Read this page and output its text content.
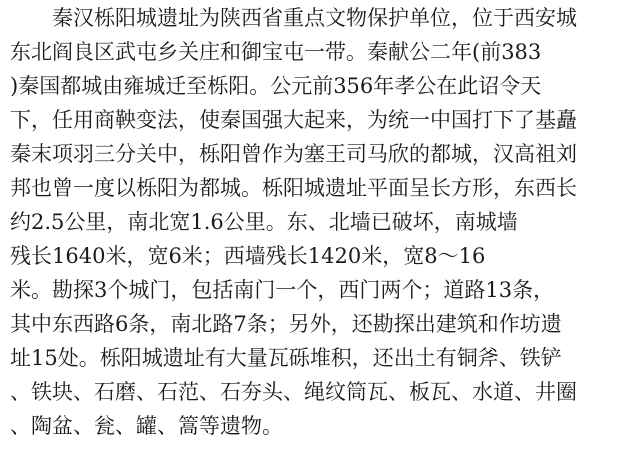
秦汉栎阳城遗址为陕西省重点文物保护单位，位于西安城
东北阎良区武屯乡关庄和御宝屯一带。秦献公二年(前383
)秦国都城由雍城迁至栎阳。公元前356年孝公在此诏令天
下，任用商鞅变法，使秦国强大起来，为统一中国打下了基矗
秦末项羽三分关中，栎阳曾作为塞王司马欣的都城，汉高祖刘
邦也曾一度以栎阳为都城。栎阳城遗址平面呈长方形，东西长
约2.5公里，南北宽1.6公里。东、北墙已破坏，南城墙
残长1640米，宽6米；西墙残长1420米，宽8～16
米。勘探3个城门，包括南门一个，西门两个；道路13条，
其中东西路6条，南北路7条；另外，还勘探出建筑和作坊遗
址15处。栎阳城遗址有大量瓦砾堆积，还出土有铜斧、铁铲
、铁块、石磨、石范、石夯头、绳纹筒瓦、板瓦、水道、井圈
、陶盆、瓮、罐、篙等遗物。
